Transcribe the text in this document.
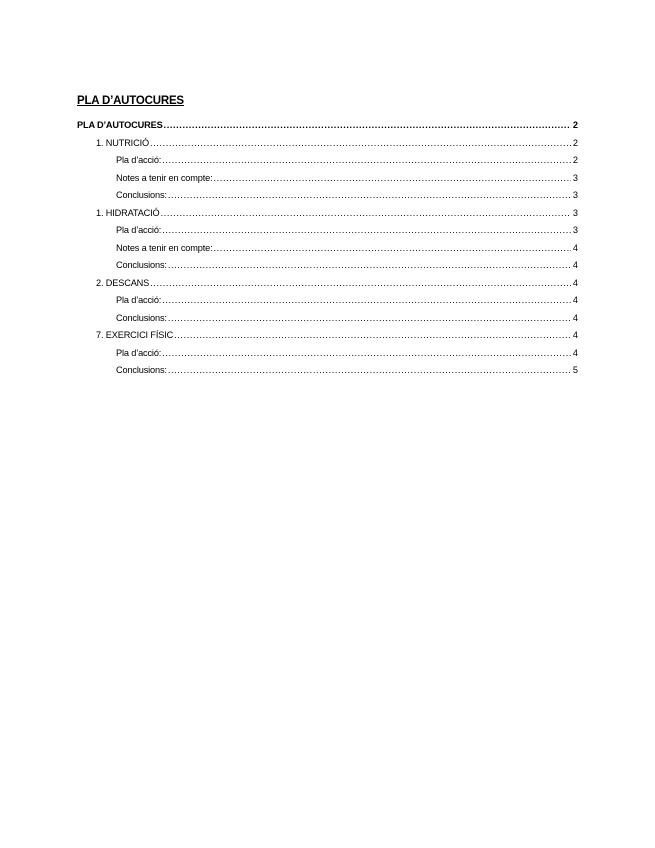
PLA D’AUTOCURES
PLA D’AUTOCURES .....	2
1. NUTRICIÓ .....	2
Pla d’acció: .....	2
Notes a tenir en compte: .....	3
Conclusions: .....	3
1. HIDRATACIÓ .....	3
Pla d’acció: .....	3
Notes a tenir en compte: .....	4
Conclusions: .....	4
2. DESCANS .....	4
Pla d’acció: .....	4
Conclusions: .....	4
7. EXERCICI FÍSIC .....	4
Pla d’acció: .....	4
Conclusions: .....	5
